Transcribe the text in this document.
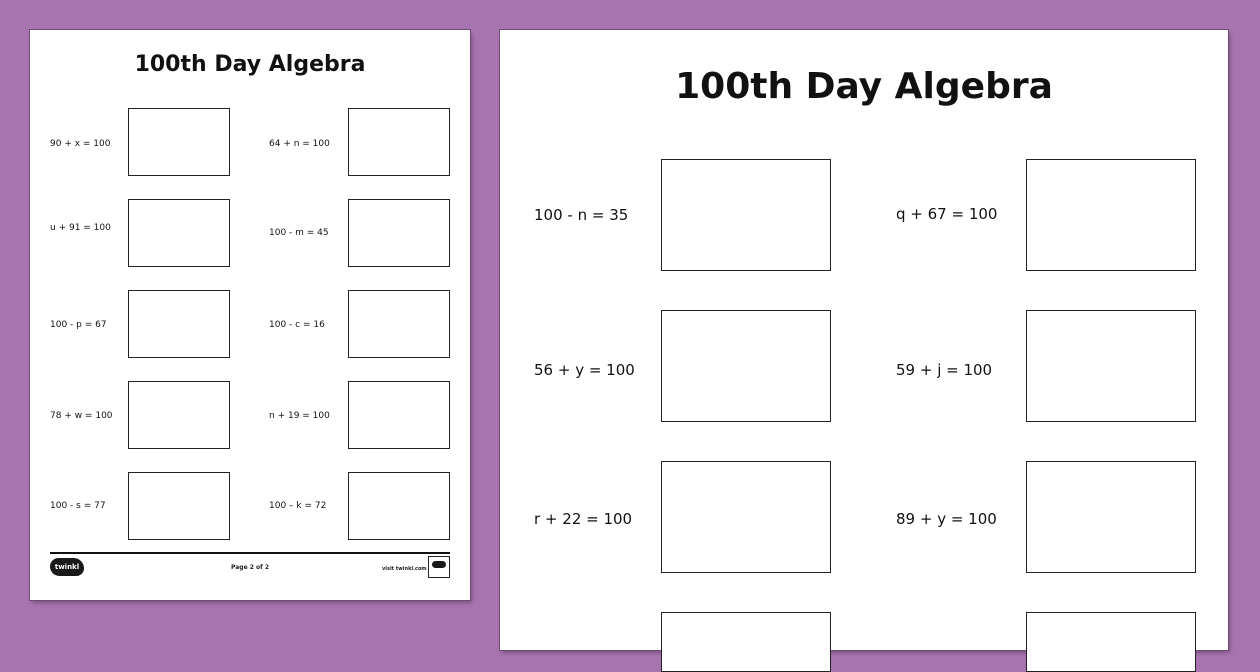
100th Day Algebra
90 + x = 100	64 + n = 100
u + 91 = 100	100 - m = 45
100 - p = 67	100 - c = 16
78 + w = 100	n + 19 = 100
100 - s = 77	100 – k = 72
twinkl	Page 2 of 2	visit twinkl.com
100th Day Algebra
100 - n = 35	q + 67 = 100
56 + y = 100	59 + j = 100
r + 22 = 100	89 + y = 100
